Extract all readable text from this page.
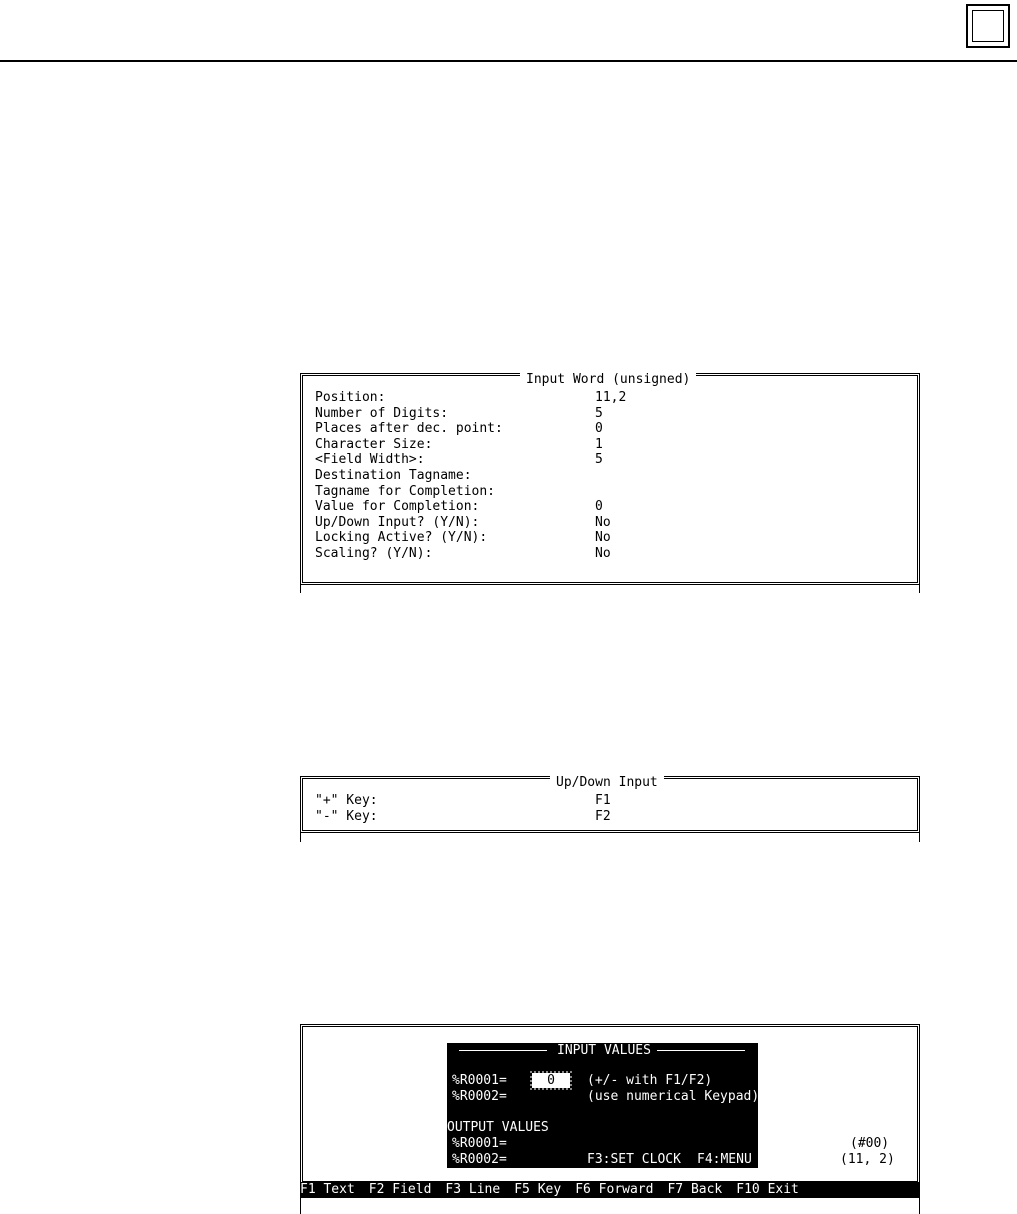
Input Word (unsigned)
Position:	11,2
Number of Digits:	5
Places after dec. point:	0
Character Size:	1
<Field Width>:	5
Destination Tagname:
Tagname for Completion:
Value for Completion:	0
Up/Down Input? (Y/N):	No
Locking Active? (Y/N):	No
Scaling? (Y/N):	No
Up/Down Input
"+" Key:	F1
"-" Key:	F2
INPUT VALUES
%R0001=	0	(+/- with F1/F2)
%R0002=	(use numerical Keypad)
OUTPUT VALUES
%R0001=
%R0002=	F3:SET CLOCK F4:MENU
(#00)
(11, 2)
F1 Text F2 Field F3 Line F5 Key F6 Forward F7 Back F10 Exit
